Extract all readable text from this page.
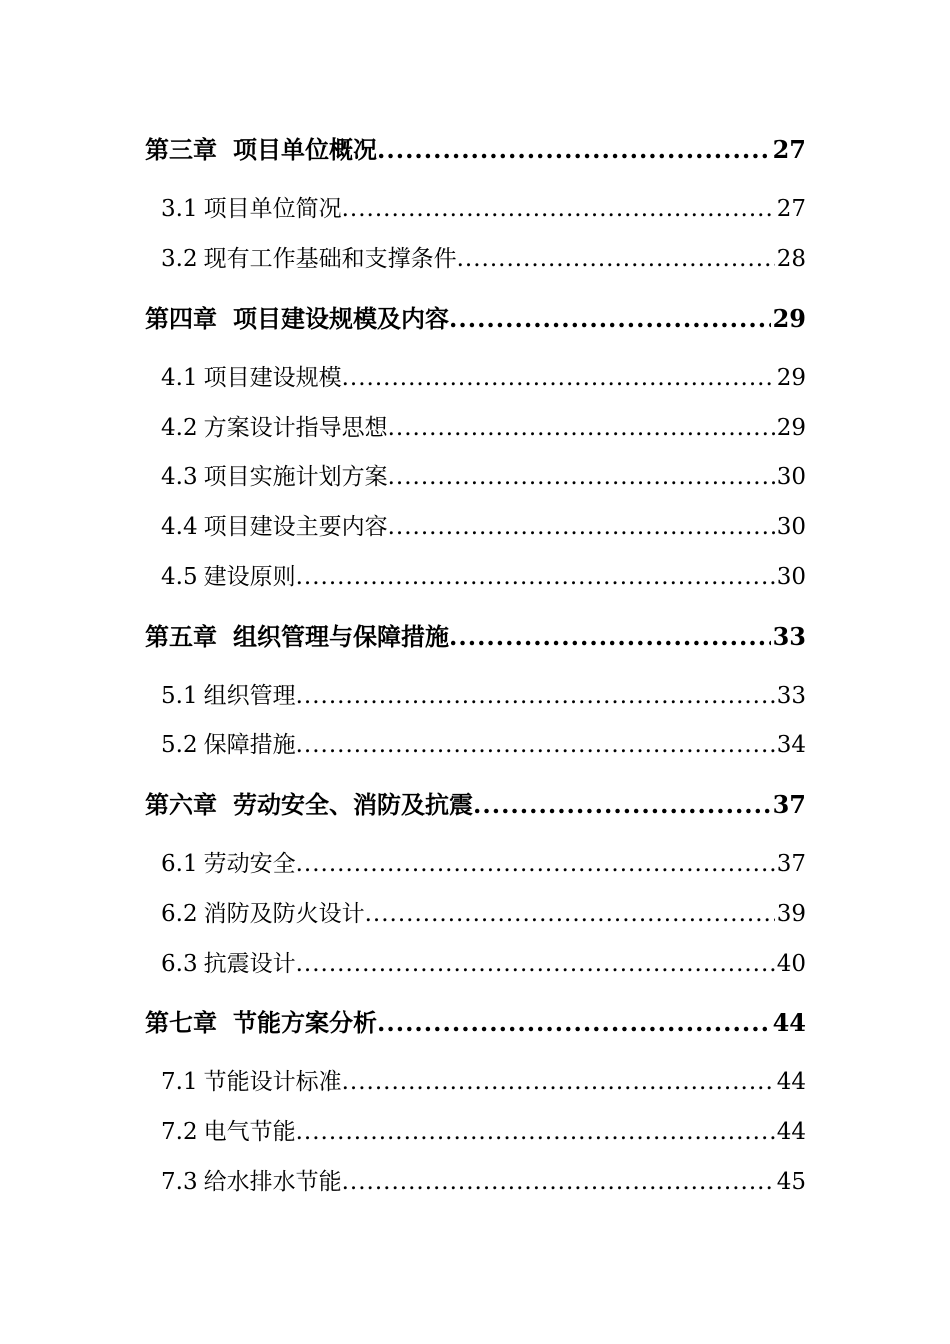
第三章 项目单位概况 .....	27
3.1 项目单位简况 .....	27
3.2 现有工作基础和支撑条件 .....	28
第四章 项目建设规模及内容 .....	29
4.1 项目建设规模 .....	29
4.2 方案设计指导思想 .....	29
4.3 项目实施计划方案 .....	30
4.4 项目建设主要内容 .....	30
4.5 建设原则 .....	30
第五章 组织管理与保障措施 .....	33
5.1 组织管理 .....	33
5.2 保障措施 .....	34
第六章 劳动安全、消防及抗震 .....	37
6.1 劳动安全 .....	37
6.2 消防及防火设计 .....	39
6.3 抗震设计 .....	40
第七章 节能方案分析 .....	44
7.1 节能设计标准 .....	44
7.2 电气节能 .....	44
7.3 给水排水节能 .....	45
